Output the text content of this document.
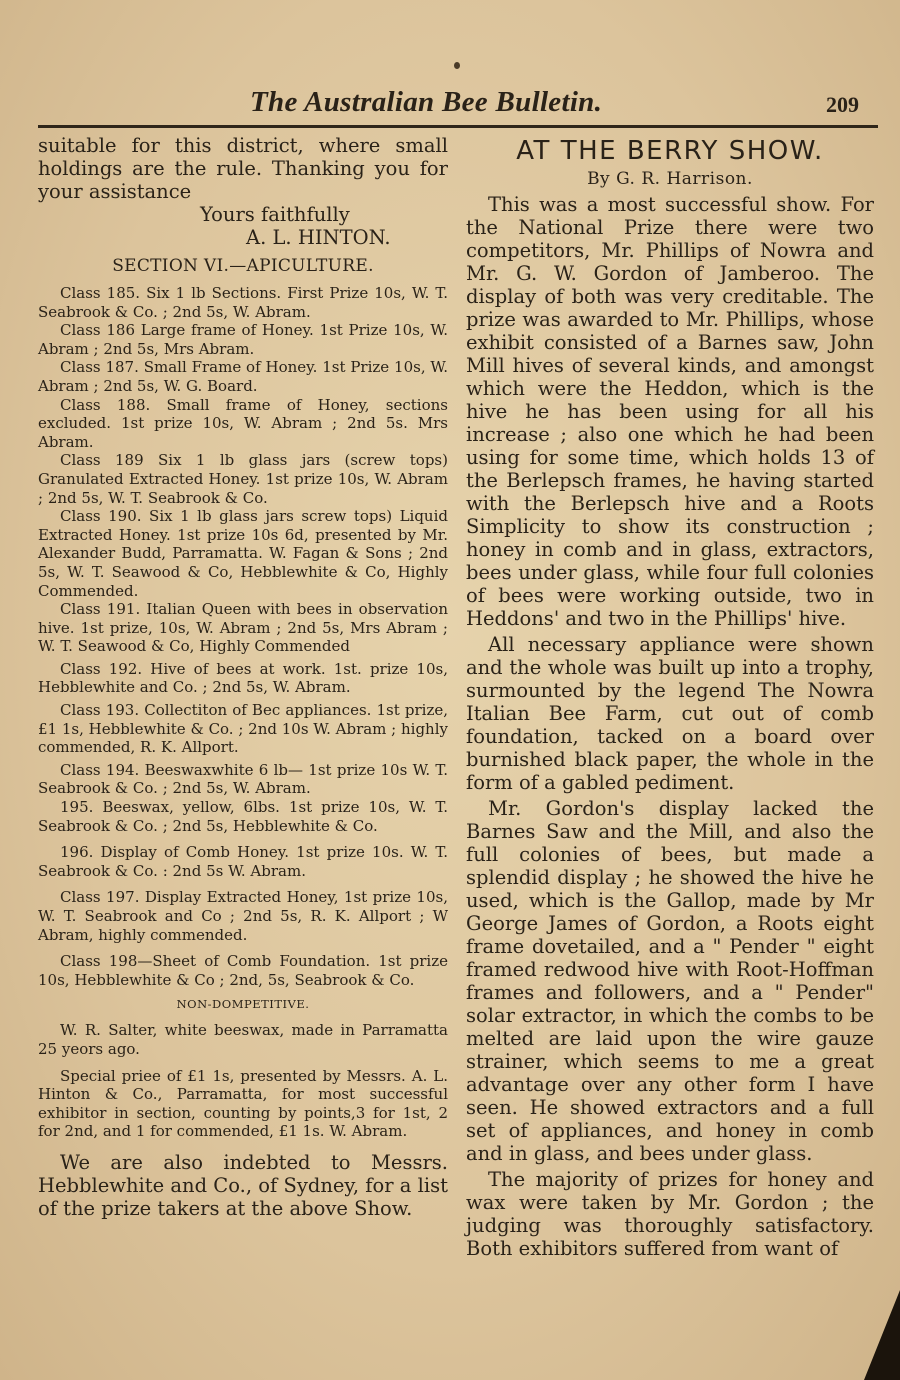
The Australian Bee Bulletin.	209

suitable for this district, where small holdings are the rule. Thanking you for your assistance

Yours faithfully

A. L. HINTON.

SECTION VI.—APICULTURE.

Class 185. Six 1 lb Sections. First Prize 10s, W. T. Seabrook & Co. ; 2nd 5s, W. Abram.

Class 186 Large frame of Honey. 1st Prize 10s, W. Abram ; 2nd 5s, Mrs Abram.

Class 187. Small Frame of Honey. 1st Prize 10s, W. Abram ; 2nd 5s, W. G. Board.

Class 188. Small frame of Honey, sections excluded. 1st prize 10s, W. Abram ; 2nd 5s. Mrs Abram.

Class 189 Six 1 lb glass jars (screw tops) Granulated Extracted Honey. 1st prize 10s, W. Abram ; 2nd 5s, W. T. Seabrook & Co.

Class 190. Six 1 lb glass jars screw tops) Liquid Extracted Honey. 1st prize 10s 6d, presented by Mr. Alexander Budd, Parramatta. W. Fagan & Sons ; 2nd 5s, W. T. Seawood & Co, Hebblewhite & Co, Highly Commended.

Class 191. Italian Queen with bees in observation hive. 1st prize, 10s, W. Abram ; 2nd 5s, Mrs Abram ; W. T. Seawood & Co, Highly Commended

Class 192. Hive of bees at work. 1st. prize 10s, Hebblewhite and Co. ; 2nd 5s, W. Abram.

Class 193. Collectiton of Bec appliances. 1st prize, £1 1s, Hebblewhite & Co. ; 2nd 10s W. Abram ; highly commended, R. K. Allport.

Class 194. Beeswaxwhite 6 lb— 1st prize 10s W. T. Seabrook & Co. ; 2nd 5s, W. Abram.

195. Beeswax, yellow, 6lbs. 1st prize 10s, W. T. Seabrook & Co. ; 2nd 5s, Hebblewhite & Co.

196. Display of Comb Honey. 1st prize 10s. W. T. Seabrook & Co. : 2nd 5s W. Abram.

Class 197. Display Extracted Honey, 1st prize 10s, W. T. Seabrook and Co ; 2nd 5s, R. K. Allport ; W Abram, highly commended.

Class 198—Sheet of Comb Foundation. 1st prize 10s, Hebblewhite & Co ; 2nd, 5s, Seabrook & Co.

NON-DOMPETITIVE.

W. R. Salter, white beeswax, made in Parramatta 25 yeors ago.

Special priee of £1 1s, presented by Messrs. A. L. Hinton & Co., Parramatta, for most successful exhibitor in section, counting by points,3 for 1st, 2 for 2nd, and 1 for commended, £1 1s. W. Abram.

We are also indebted to Messrs. Hebblewhite and Co., of Sydney, for a list of the prize takers at the above Show.

AT THE BERRY SHOW.
By G. R. Harrison.

This was a most successful show. For the National Prize there were two competitors, Mr. Phillips of Nowra and Mr. G. W. Gordon of Jamberoo. The display of both was very creditable. The prize was awarded to Mr. Phillips, whose exhibit consisted of a Barnes saw, John Mill hives of several kinds, and amongst which were the Heddon, which is the hive he has been using for all his increase ; also one which he had been using for some time, which holds 13 of the Berlepsch frames, he having started with the Berlepsch hive and a Roots Simplicity to show its construction ; honey in comb and in glass, extractors, bees under glass, while four full colonies of bees were working outside, two in Heddons' and two in the Phillips' hive.

All necessary appliance were shown and the whole was built up into a trophy, surmounted by the legend The Nowra Italian Bee Farm, cut out of comb foundation, tacked on a board over burnished black paper, the whole in the form of a gabled pediment.

Mr. Gordon's display lacked the Barnes Saw and the Mill, and also the full colonies of bees, but made a splendid display ; he showed the hive he used, which is the Gallop, made by Mr George James of Gordon, a Roots eight frame dovetailed, and a " Pender " eight framed redwood hive with Root-Hoffman frames and followers, and a " Pender" solar extractor, in which the combs to be melted are laid upon the wire gauze strainer, which seems to me a great advantage over any other form I have seen. He showed extractors and a full set of appliances, and honey in comb and in glass, and bees under glass.

The majority of prizes for honey and wax were taken by Mr. Gordon ; the judging was thoroughly satisfactory. Both exhibitors suffered from want of
